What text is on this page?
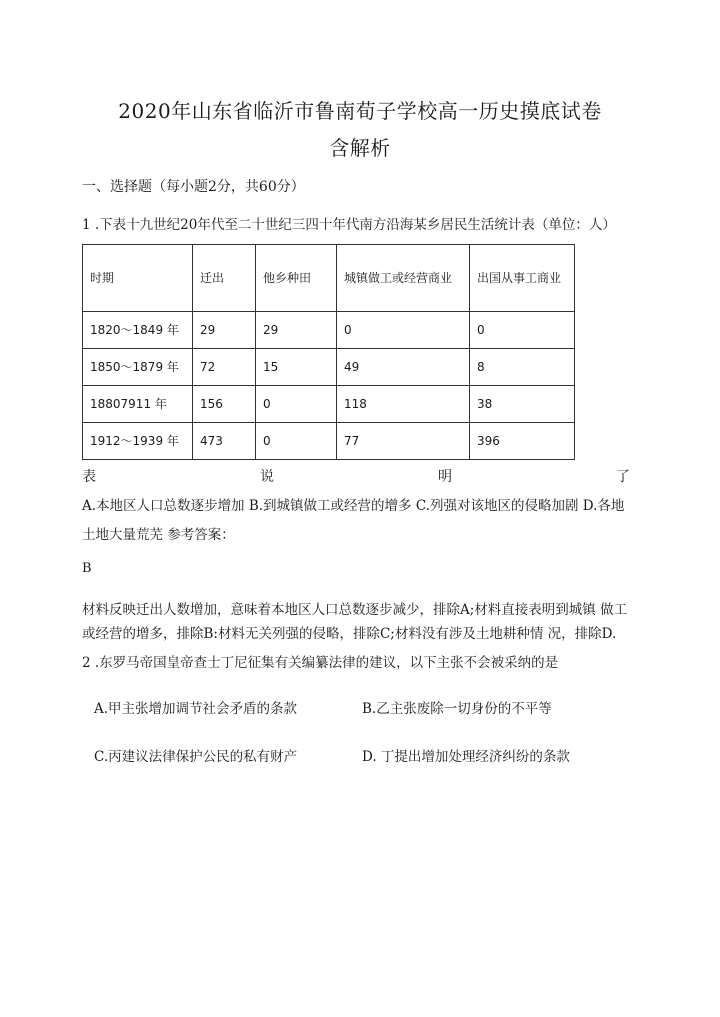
2020年山东省临沂市鲁南荀子学校高一历史摸底试卷
含解析
一、选择题（每小题2分，共60分）
1 .下表十九世纪20年代至二十世纪三四十年代南方沿海某乡居民生活统计表（单位：人）
时期	迁出	他乡种田	城镇做工或经营商业	出国从事工商业
1820～1849 年	29	29	0	0
1850～1879 年	72	15	49	8
18807911 年	156	0	118	38
1912～1939 年	473	0	77	396
表	说	明	了
A.本地区人口总数逐步增加 B.到城镇做工或经营的增多 C.列强对该地区的侵略加剧 D.各地
土地大量荒芜 参考答案：
B
材料反映迁出人数增加，意味着本地区人口总数逐步减少，排除A;材料直接表明到城镇 做工
或经营的增多，排除B:材料无关列强的侵略，排除C;材料没有涉及土地耕种情 况，排除D.
2 .东罗马帝国皇帝查士丁尼征集有关编纂法律的建议，以下主张不会被采纳的是
A.甲主张增加调节社会矛盾的条款	B.乙主张废除一切身份的不平等
C.丙建议法律保护公民的私有财产	D. 丁提出增加处理经济纠纷的条款
